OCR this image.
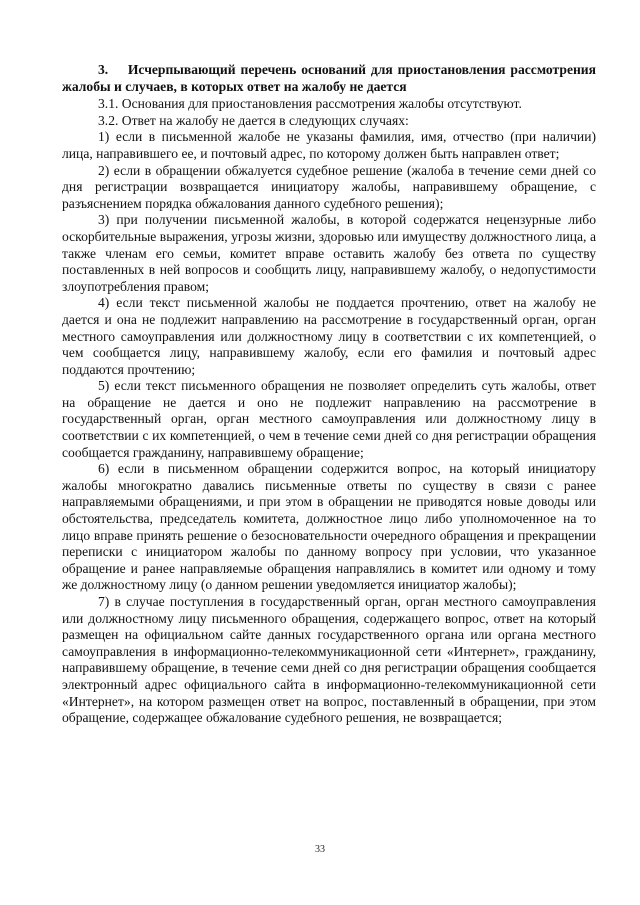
3. Исчерпывающий перечень оснований для приостановления рассмотрения жалобы и случаев, в которых ответ на жалобу не дается

3.1. Основания для приостановления рассмотрения жалобы отсутствуют.

3.2. Ответ на жалобу не дается в следующих случаях:

1) если в письменной жалобе не указаны фамилия, имя, отчество (при наличии) лица, направившего ее, и почтовый адрес, по которому должен быть направлен ответ;

2) если в обращении обжалуется судебное решение (жалоба в течение семи дней со дня регистрации возвращается инициатору жалобы, направившему обращение, с разъяснением порядка обжалования данного судебного решения);

3) при получении письменной жалобы, в которой содержатся нецензурные либо оскорбительные выражения, угрозы жизни, здоровью или имуществу должностного лица, а также членам его семьи, комитет вправе оставить жалобу без ответа по существу поставленных в ней вопросов и сообщить лицу, направившему жалобу, о недопустимости злоупотребления правом;

4) если текст письменной жалобы не поддается прочтению, ответ на жалобу не дается и она не подлежит направлению на рассмотрение в государственный орган, орган местного самоуправления или должностному лицу в соответствии с их компетенцией, о чем сообщается лицу, направившему жалобу, если его фамилия и почтовый адрес поддаются прочтению;

5) если текст письменного обращения не позволяет определить суть жалобы, ответ на обращение не дается и оно не подлежит направлению на рассмотрение в государственный орган, орган местного самоуправления или должностному лицу в соответствии с их компетенцией, о чем в течение семи дней со дня регистрации обращения сообщается гражданину, направившему обращение;

6) если в письменном обращении содержится вопрос, на который инициатору жалобы многократно давались письменные ответы по существу в связи с ранее направляемыми обращениями, и при этом в обращении не приводятся новые доводы или обстоятельства, председатель комитета, должностное лицо либо уполномоченное на то лицо вправе принять решение о безосновательности очередного обращения и прекращении переписки с инициатором жалобы по данному вопросу при условии, что указанное обращение и ранее направляемые обращения направлялись в комитет или одному и тому же должностному лицу (о данном решении уведомляется инициатор жалобы);

7) в случае поступления в государственный орган, орган местного самоуправления или должностному лицу письменного обращения, содержащего вопрос, ответ на который размещен на официальном сайте данных государственного органа или органа местного самоуправления в информационно-телекоммуникационной сети «Интернет», гражданину, направившему обращение, в течение семи дней со дня регистрации обращения сообщается электронный адрес официального сайта в информационно-телекоммуникационной сети «Интернет», на котором размещен ответ на вопрос, поставленный в обращении, при этом обращение, содержащее обжалование судебного решения, не возвращается;

33
